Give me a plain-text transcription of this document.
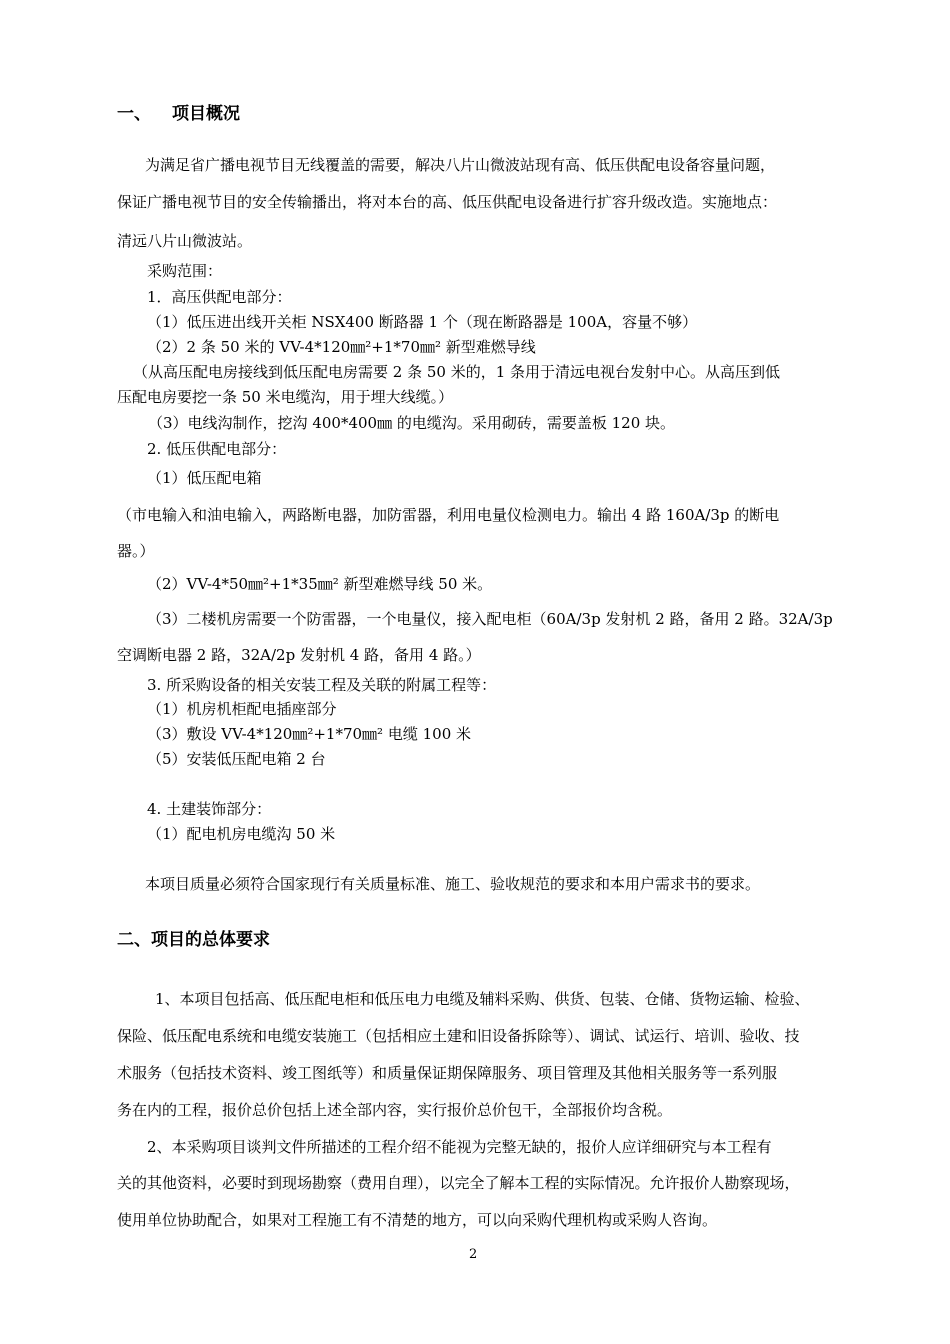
一、 项目概况
为满足省广播电视节目无线覆盖的需要，解决八片山微波站现有高、低压供配电设备容量问题，
保证广播电视节目的安全传输播出，将对本台的高、低压供配电设备进行扩容升级改造。实施地点：
清远八片山微波站。
采购范围：
1．高压供配电部分：
（1）低压进出线开关柜 NSX400 断路器 1 个（现在断路器是 100A，容量不够）
（2）2 条 50 米的 VV-4*120㎜²+1*70㎜² 新型难燃导线
（从高压配电房接线到低压配电房需要 2 条 50 米的，1 条用于清远电视台发射中心。从高压到低
压配电房要挖一条 50 米电缆沟，用于埋大线缆。）
（3）电线沟制作，挖沟 400*400㎜ 的电缆沟。采用砌砖，需要盖板 120 块。
2. 低压供配电部分：
（1）低压配电箱
（市电输入和油电输入，两路断电器，加防雷器，利用电量仪检测电力。输出 4 路 160A/3p 的断电
器。）
（2）VV-4*50㎜²+1*35㎜² 新型难燃导线 50 米。
（3）二楼机房需要一个防雷器，一个电量仪，接入配电柜（60A/3p 发射机 2 路，备用 2 路。32A/3p
空调断电器 2 路，32A/2p 发射机 4 路，备用 4 路。）
3. 所采购设备的相关安装工程及关联的附属工程等：
（1）机房机柜配电插座部分
（3）敷设 VV-4*120㎜²+1*70㎜² 电缆 100 米
（5）安装低压配电箱 2 台
4. 土建装饰部分：
（1）配电机房电缆沟 50 米
本项目质量必须符合国家现行有关质量标准、施工、验收规范的要求和本用户需求书的要求。
二、项目的总体要求
1、本项目包括高、低压配电柜和低压电力电缆及辅料采购、供货、包装、仓储、货物运输、检验、
保险、低压配电系统和电缆安装施工（包括相应土建和旧设备拆除等）、调试、试运行、培训、验收、技
术服务（包括技术资料、竣工图纸等）和质量保证期保障服务、项目管理及其他相关服务等一系列服
务在内的工程，报价总价包括上述全部内容，实行报价总价包干，全部报价均含税。
2、本采购项目谈判文件所描述的工程介绍不能视为完整无缺的，报价人应详细研究与本工程有
关的其他资料，必要时到现场勘察（费用自理），以完全了解本工程的实际情况。允许报价人勘察现场，
使用单位协助配合，如果对工程施工有不清楚的地方，可以向采购代理机构或采购人咨询。
2
